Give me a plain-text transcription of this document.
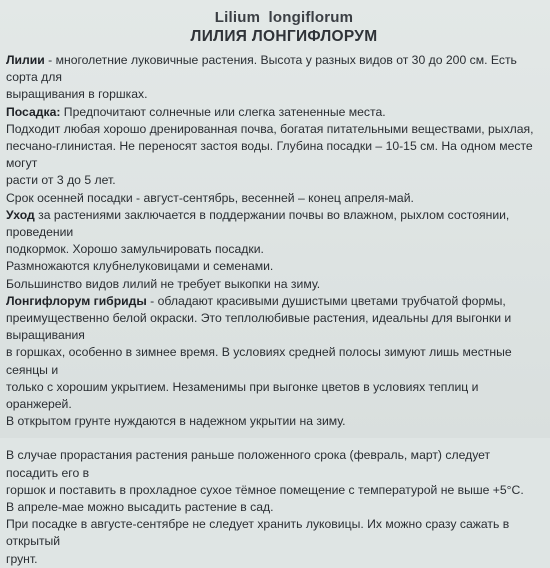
Lilium longiflorum
ЛИЛИЯ ЛОНГИФЛОРУМ

Лилии - многолетние луковичные растения. Высота у разных видов от 30 до 200 см. Есть сорта для
выращивания в горшках.

Посадка: Предпочитают солнечные или слегка затененные места.

Подходит любая хорошо дренированная почва, богатая питательными веществами, рыхлая,
песчано-глинистая. Не переносят застоя воды. Глубина посадки – 10-15 см. На одном месте могут
расти от 3 до 5 лет.

Срок осенней посадки - август-сентябрь, весенней – конец апреля-май.

Уход за растениями заключается в поддержании почвы во влажном, рыхлом состоянии, проведении
подкормок. Хорошо замульчировать посадки.

Размножаются клубнелуковицами и семенами.

Большинство видов лилий не требует выкопки на зиму.

Лонгифлорум гибриды - обладают красивыми душистыми цветами трубчатой формы,
преимущественно белой окраски. Это теплолюбивые растения, идеальны для выгонки и выращивания
в горшках, особенно в зимнее время. В условиях средней полосы зимуют лишь местные сеянцы и
только с хорошим укрытием. Незаменимы при выгонке цветов в условиях теплиц и оранжерей.

В открытом грунте нуждаются в надежном укрытии на зиму.

В случае прорастания растения раньше положенного срока (февраль, март) следует посадить его в
горшок и поставить в прохладное сухое тёмное помещение с температурой не выше +5°С.
В апреле-мае можно высадить растение в сад.

При посадке в августе-сентябре не следует хранить луковицы. Их можно сразу сажать в открытый
грунт.
